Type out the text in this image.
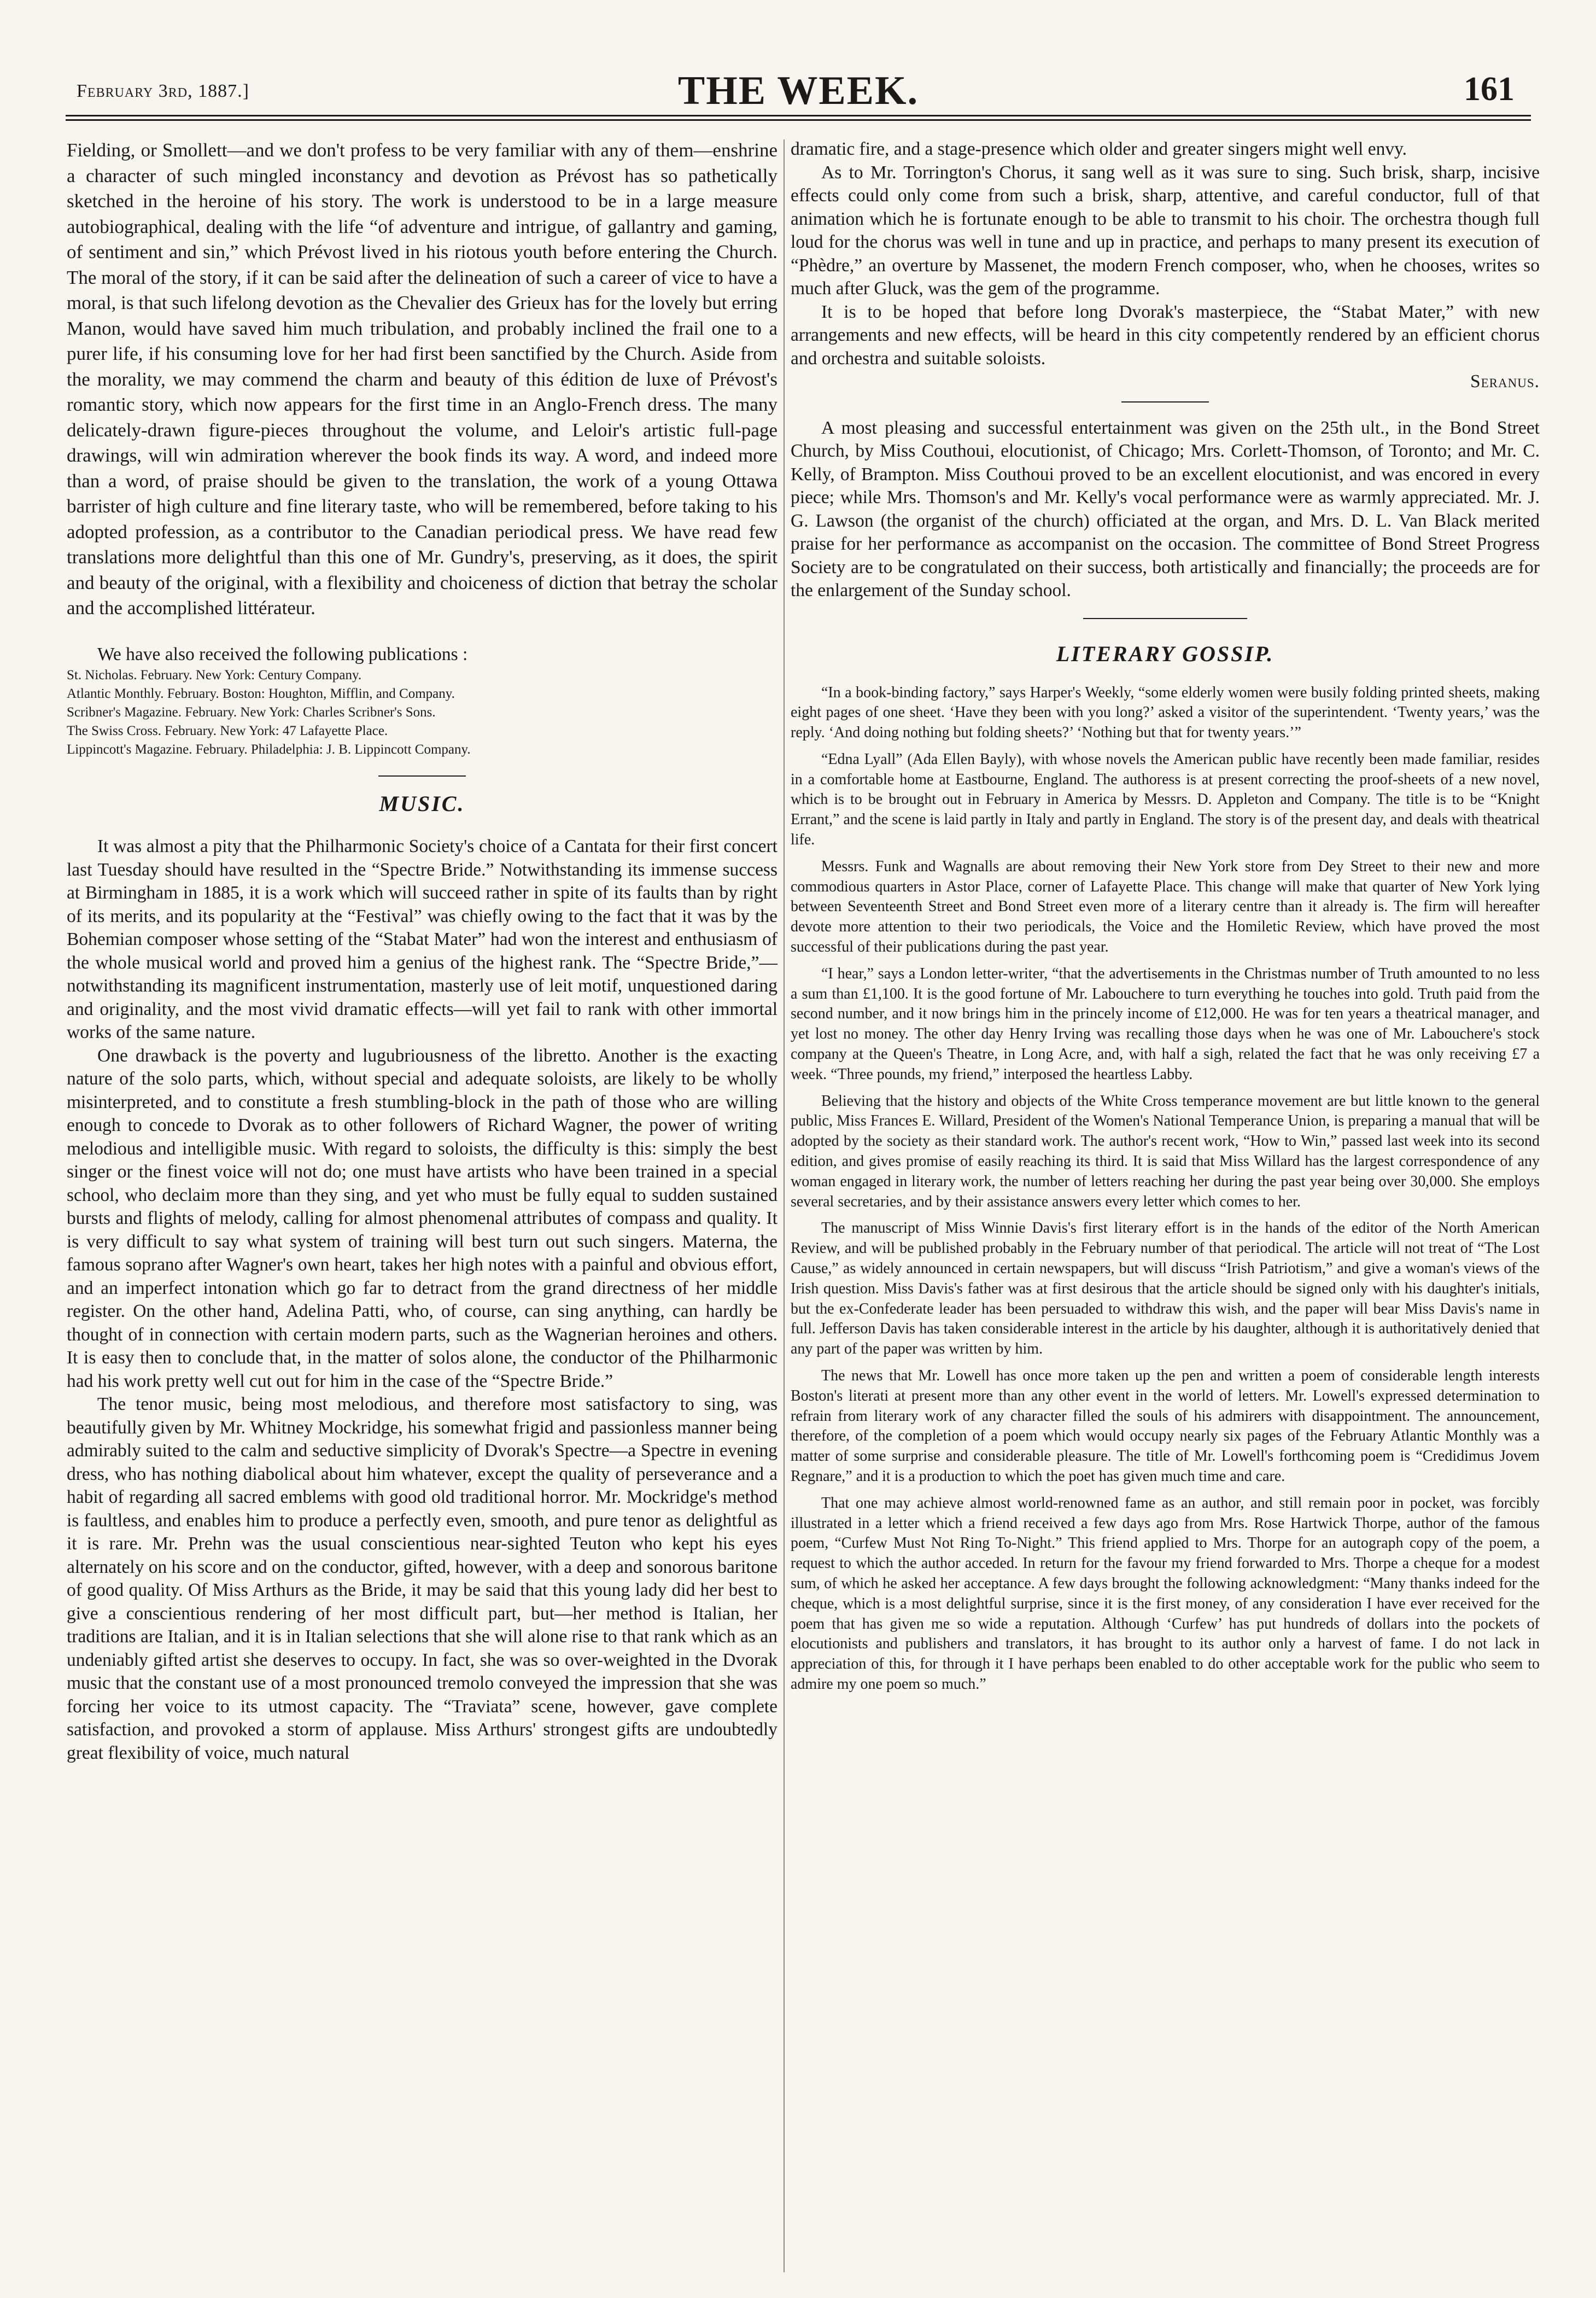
February 3rd, 1887.]	THE WEEK.	161

Fielding, or Smollett—and we don't profess to be very familiar with any of them—enshrine a character of such mingled inconstancy and devotion as Prévost has so pathetically sketched in the heroine of his story. The work is understood to be in a large measure autobiographical, dealing with the life “of adventure and intrigue, of gallantry and gaming, of sentiment and sin,” which Prévost lived in his riotous youth before entering the Church. The moral of the story, if it can be said after the delineation of such a career of vice to have a moral, is that such lifelong devotion as the Chevalier des Grieux has for the lovely but erring Manon, would have saved him much tribulation, and probably inclined the frail one to a purer life, if his consuming love for her had first been sanctified by the Church. Aside from the morality, we may commend the charm and beauty of this édition de luxe of Prévost's romantic story, which now appears for the first time in an Anglo-French dress. The many delicately-drawn figure-pieces throughout the volume, and Leloir's artistic full-page drawings, will win admiration wherever the book finds its way. A word, and indeed more than a word, of praise should be given to the translation, the work of a young Ottawa barrister of high culture and fine literary taste, who will be remembered, before taking to his adopted profession, as a contributor to the Canadian periodical press. We have read few translations more delightful than this one of Mr. Gundry's, preserving, as it does, the spirit and beauty of the original, with a flexibility and choiceness of diction that betray the scholar and the accomplished littérateur.

We have also received the following publications :

St. Nicholas. February. New York: Century Company.
Atlantic Monthly. February. Boston: Houghton, Mifflin, and Company.
Scribner's Magazine. February. New York: Charles Scribner's Sons.
The Swiss Cross. February. New York: 47 Lafayette Place.
Lippincott's Magazine. February. Philadelphia: J. B. Lippincott Company.
MUSIC.

It was almost a pity that the Philharmonic Society's choice of a Cantata for their first concert last Tuesday should have resulted in the “Spectre Bride.” Notwithstanding its immense success at Birmingham in 1885, it is a work which will succeed rather in spite of its faults than by right of its merits, and its popularity at the “Festival” was chiefly owing to the fact that it was by the Bohemian composer whose setting of the “Stabat Mater” had won the interest and enthusiasm of the whole musical world and proved him a genius of the highest rank. The “Spectre Bride,”—notwithstanding its magnificent instrumentation, masterly use of leit motif, unquestioned daring and originality, and the most vivid dramatic effects—will yet fail to rank with other immortal works of the same nature.

One drawback is the poverty and lugubriousness of the libretto. Another is the exacting nature of the solo parts, which, without special and adequate soloists, are likely to be wholly misinterpreted, and to constitute a fresh stumbling-block in the path of those who are willing enough to concede to Dvorak as to other followers of Richard Wagner, the power of writing melodious and intelligible music. With regard to soloists, the difficulty is this: simply the best singer or the finest voice will not do; one must have artists who have been trained in a special school, who declaim more than they sing, and yet who must be fully equal to sudden sustained bursts and flights of melody, calling for almost phenomenal attributes of compass and quality. It is very difficult to say what system of training will best turn out such singers. Materna, the famous soprano after Wagner's own heart, takes her high notes with a painful and obvious effort, and an imperfect intonation which go far to detract from the grand directness of her middle register. On the other hand, Adelina Patti, who, of course, can sing anything, can hardly be thought of in connection with certain modern parts, such as the Wagnerian heroines and others. It is easy then to conclude that, in the matter of solos alone, the conductor of the Philharmonic had his work pretty well cut out for him in the case of the “Spectre Bride.”

The tenor music, being most melodious, and therefore most satisfactory to sing, was beautifully given by Mr. Whitney Mockridge, his somewhat frigid and passionless manner being admirably suited to the calm and seductive simplicity of Dvorak's Spectre—a Spectre in evening dress, who has nothing diabolical about him whatever, except the quality of perseverance and a habit of regarding all sacred emblems with good old traditional horror. Mr. Mockridge's method is faultless, and enables him to produce a perfectly even, smooth, and pure tenor as delightful as it is rare. Mr. Prehn was the usual conscientious near-sighted Teuton who kept his eyes alternately on his score and on the conductor, gifted, however, with a deep and sonorous baritone of good quality. Of Miss Arthurs as the Bride, it may be said that this young lady did her best to give a conscientious rendering of her most difficult part, but—her method is Italian, her traditions are Italian, and it is in Italian selections that she will alone rise to that rank which as an undeniably gifted artist she deserves to occupy. In fact, she was so over-weighted in the Dvorak music that the constant use of a most pronounced tremolo conveyed the impression that she was forcing her voice to its utmost capacity. The “Traviata” scene, however, gave complete satisfaction, and provoked a storm of applause. Miss Arthurs' strongest gifts are undoubtedly great flexibility of voice, much natural

dramatic fire, and a stage-presence which older and greater singers might well envy.

As to Mr. Torrington's Chorus, it sang well as it was sure to sing. Such brisk, sharp, incisive effects could only come from such a brisk, sharp, attentive, and careful conductor, full of that animation which he is fortunate enough to be able to transmit to his choir. The orchestra though full loud for the chorus was well in tune and up in practice, and perhaps to many present its execution of “Phèdre,” an overture by Massenet, the modern French composer, who, when he chooses, writes so much after Gluck, was the gem of the programme.

It is to be hoped that before long Dvorak's masterpiece, the “Stabat Mater,” with new arrangements and new effects, will be heard in this city competently rendered by an efficient chorus and orchestra and suitable soloists.

Seranus.

A most pleasing and successful entertainment was given on the 25th ult., in the Bond Street Church, by Miss Couthoui, elocutionist, of Chicago; Mrs. Corlett-Thomson, of Toronto; and Mr. C. Kelly, of Brampton. Miss Couthoui proved to be an excellent elocutionist, and was encored in every piece; while Mrs. Thomson's and Mr. Kelly's vocal performance were as warmly appreciated. Mr. J. G. Lawson (the organist of the church) officiated at the organ, and Mrs. D. L. Van Black merited praise for her performance as accompanist on the occasion. The committee of Bond Street Progress Society are to be congratulated on their success, both artistically and financially; the proceeds are for the enlargement of the Sunday school.

LITERARY GOSSIP.

“In a book-binding factory,” says Harper's Weekly, “some elderly women were busily folding printed sheets, making eight pages of one sheet. ‘Have they been with you long?’ asked a visitor of the superintendent. ‘Twenty years,’ was the reply. ‘And doing nothing but folding sheets?’ ‘Nothing but that for twenty years.’”

“Edna Lyall” (Ada Ellen Bayly), with whose novels the American public have recently been made familiar, resides in a comfortable home at Eastbourne, England. The authoress is at present correcting the proof-sheets of a new novel, which is to be brought out in February in America by Messrs. D. Appleton and Company. The title is to be “Knight Errant,” and the scene is laid partly in Italy and partly in England. The story is of the present day, and deals with theatrical life.

Messrs. Funk and Wagnalls are about removing their New York store from Dey Street to their new and more commodious quarters in Astor Place, corner of Lafayette Place. This change will make that quarter of New York lying between Seventeenth Street and Bond Street even more of a literary centre than it already is. The firm will hereafter devote more attention to their two periodicals, the Voice and the Homiletic Review, which have proved the most successful of their publications during the past year.

“I hear,” says a London letter-writer, “that the advertisements in the Christmas number of Truth amounted to no less a sum than £1,100. It is the good fortune of Mr. Labouchere to turn everything he touches into gold. Truth paid from the second number, and it now brings him in the princely income of £12,000. He was for ten years a theatrical manager, and yet lost no money. The other day Henry Irving was recalling those days when he was one of Mr. Labouchere's stock company at the Queen's Theatre, in Long Acre, and, with half a sigh, related the fact that he was only receiving £7 a week. “Three pounds, my friend,” interposed the heartless Labby.

Believing that the history and objects of the White Cross temperance movement are but little known to the general public, Miss Frances E. Willard, President of the Women's National Temperance Union, is preparing a manual that will be adopted by the society as their standard work. The author's recent work, “How to Win,” passed last week into its second edition, and gives promise of easily reaching its third. It is said that Miss Willard has the largest correspondence of any woman engaged in literary work, the number of letters reaching her during the past year being over 30,000. She employs several secretaries, and by their assistance answers every letter which comes to her.

The manuscript of Miss Winnie Davis's first literary effort is in the hands of the editor of the North American Review, and will be published probably in the February number of that periodical. The article will not treat of “The Lost Cause,” as widely announced in certain newspapers, but will discuss “Irish Patriotism,” and give a woman's views of the Irish question. Miss Davis's father was at first desirous that the article should be signed only with his daughter's initials, but the ex-Confederate leader has been persuaded to withdraw this wish, and the paper will bear Miss Davis's name in full. Jefferson Davis has taken considerable interest in the article by his daughter, although it is authoritatively denied that any part of the paper was written by him.

The news that Mr. Lowell has once more taken up the pen and written a poem of considerable length interests Boston's literati at present more than any other event in the world of letters. Mr. Lowell's expressed determination to refrain from literary work of any character filled the souls of his admirers with disappointment. The announcement, therefore, of the completion of a poem which would occupy nearly six pages of the February Atlantic Monthly was a matter of some surprise and considerable pleasure. The title of Mr. Lowell's forthcoming poem is “Credidimus Jovem Regnare,” and it is a production to which the poet has given much time and care.

That one may achieve almost world-renowned fame as an author, and still remain poor in pocket, was forcibly illustrated in a letter which a friend received a few days ago from Mrs. Rose Hartwick Thorpe, author of the famous poem, “Curfew Must Not Ring To-Night.” This friend applied to Mrs. Thorpe for an autograph copy of the poem, a request to which the author acceded. In return for the favour my friend forwarded to Mrs. Thorpe a cheque for a modest sum, of which he asked her acceptance. A few days brought the following acknowledgment: “Many thanks indeed for the cheque, which is a most delightful surprise, since it is the first money, of any consideration I have ever received for the poem that has given me so wide a reputation. Although ‘Curfew’ has put hundreds of dollars into the pockets of elocutionists and publishers and translators, it has brought to its author only a harvest of fame. I do not lack in appreciation of this, for through it I have perhaps been enabled to do other acceptable work for the public who seem to admire my one poem so much.”
